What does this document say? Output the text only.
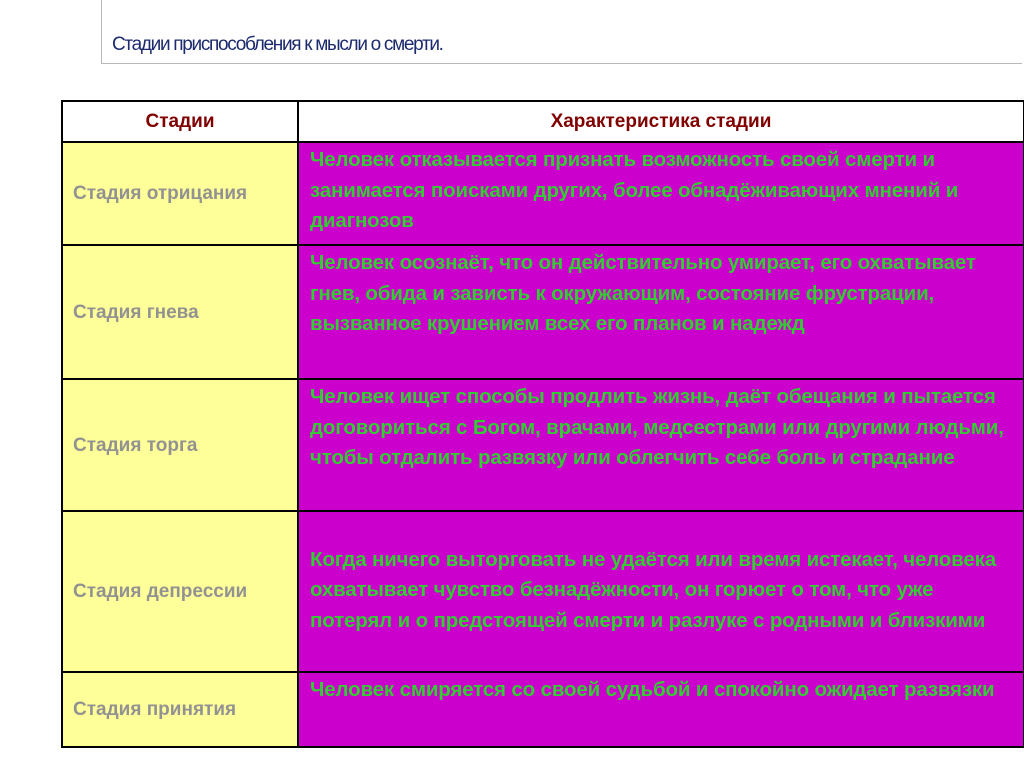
Стадии приспособления к мысли о смерти.
Стадии	Характеристика стадии
Стадия отрицания	Человек отказывается признать возможность своей смерти и занимается поисками других, более обнадёживающих мнений и диагнозов
Стадия гнева	Человек осознаёт, что он действительно умирает, его охватывает гнев, обида и зависть к окружающим, состояние фрустрации, вызванное крушением всех его планов и надежд
Стадия торга	Человек ищет способы продлить жизнь, даёт обещания и пытается договориться с Богом, врачами, медсестрами или другими людьми, чтобы отдалить развязку или облегчить себе боль и страдание
Стадия депрессии	Когда ничего выторговать не удаётся или время истекает, человека охватывает чувство безнадёжности, он горюет о том, что уже потерял и о предстоящей смерти и разлуке с родными и близкими
Стадия принятия	Человек смиряется со своей судьбой и спокойно ожидает развязки
